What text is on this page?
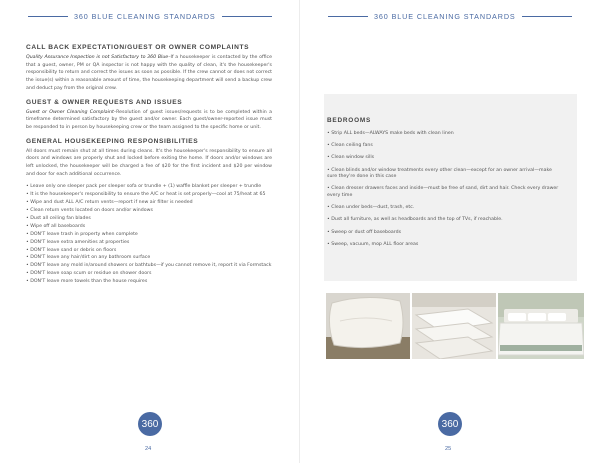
360 BLUE CLEANING STANDARDS
CALL BACK EXPECTATION/GUEST OR OWNER COMPLAINTS

Quality Assurance Inspection is not Satisfactory to 360 Blue–If a housekeeper is contacted by the office that a guest, owner, PM or QA inspector is not happy with the quality of clean, it's the housekeeper's responsibility to return and correct the issues as soon as possible. If the crew cannot or does not correct the issue(s) within a reasonable amount of time, the housekeeping department will send a backup crew and deduct pay from the original crew.

GUEST & OWNER REQUESTS AND ISSUES

Guest or Owner Cleaning Complaint–Resolution of guest issues/requests is to be completed within a timeframe determined satisfactory by the guest and/or owner. Each guest/owner-reported issue must be responded to in person by housekeeping crew or the team assigned to the specific home or unit.

GENERAL HOUSEKEEPING RESPONSIBILITIES

All doors must remain shut at all times during cleans. It's the housekeeper's responsibility to ensure all doors and windows are properly shut and locked before exiting the home. If doors and/or windows are left unlocked, the housekeeper will be charged a fee of $20 for the first incident and $20 per window and door for each additional occurrence.

• Leave only one sleeper pack per sleeper sofa or trundle + (1) waffle blanket per sleeper + trundle
• It is the housekeeper's responsibility to ensure the A/C or heat is set properly—cool at 75/heat at 65
• Wipe and dust ALL A/C return vents—report if new air filter is needed
• Clean return vents located on doors and/or windows
• Dust all ceiling fan blades
• Wipe off all baseboards
• DON'T leave trash in property when complete
• DON'T leave extra amenities at properties
• DON'T leave sand or debris on floors
• DON'T leave any hair/dirt on any bathroom surface
• DON'T leave any mold in/around showers or bathtubs—if you cannot remove it, report it via Formstack
• DON'T leave soap scum or residue on shower doors
• DON'T leave more towels than the house requires
360
24
360 BLUE CLEANING STANDARDS
360
25
BEDROOMS
• Strip ALL beds—ALWAYS make beds with clean linen
• Clean ceiling fans
• Clean window sills
• Clean blinds and/or window treatments every other clean—except for an owner arrival—make sure they're done in this case
• Clean dresser drawers faces and inside—must be free of sand, dirt and hair. Check every drawer every time
• Clean under beds—dust, trash, etc.
• Dust all furniture, as well as headboards and the top of TVs, if reachable.
• Sweep or dust off baseboards
• Sweep, vacuum, mop ALL floor areas
